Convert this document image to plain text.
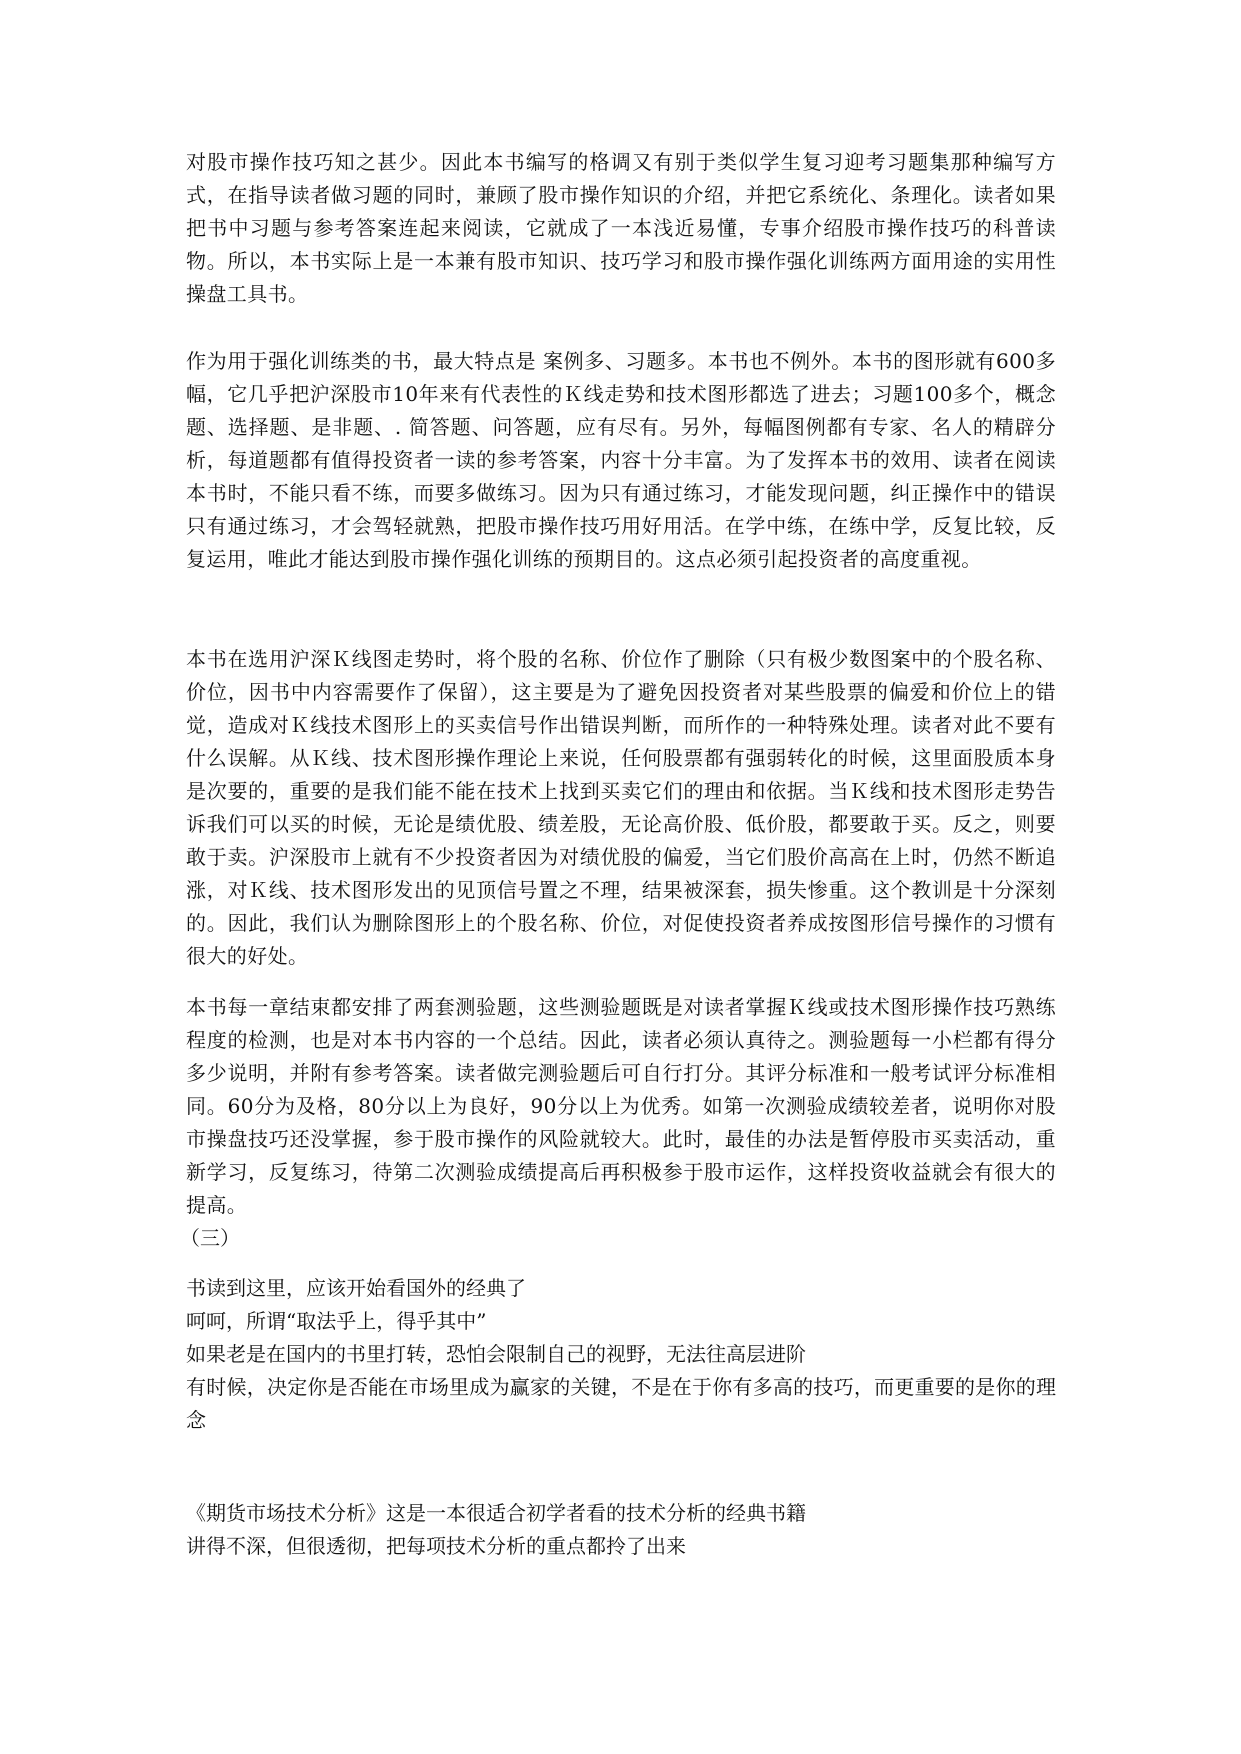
对股市操作技巧知之甚少。因此本书编写的格调又有别于类似学生复习迎考习题集那种编写方式，在指导读者做习题的同时，兼顾了股市操作知识的介绍，并把它系统化、条理化。读者如果把书中习题与参考答案连起来阅读，它就成了一本浅近易懂，专事介绍股市操作技巧的科普读物。所以，本书实际上是一本兼有股市知识、技巧学习和股市操作强化训练两方面用途的实用性操盘工具书。

作为用于强化训练类的书，最大特点是 案例多、习题多。本书也不例外。本书的图形就有600多幅，它几乎把沪深股市10年来有代表性的Ｋ线走势和技术图形都选了进去；习题100多个，概念题、选择题、是非题、. 简答题、问答题，应有尽有。另外，每幅图例都有专家、名人的精辟分析，每道题都有值得投资者一读的参考答案，内容十分丰富。为了发挥本书的效用、读者在阅读本书时，不能只看不练，而要多做练习。因为只有通过练习，才能发现问题，纠正操作中的错误 只有通过练习，才会驾轻就熟，把股市操作技巧用好用活。在学中练，在练中学，反复比较，反复运用，唯此才能达到股市操作强化训练的预期目的。这点必须引起投资者的高度重视。

本书在选用沪深Ｋ线图走势时，将个股的名称、价位作了删除（只有极少数图案中的个股名称、价位，因书中内容需要作了保留），这主要是为了避免因投资者对某些股票的偏爱和价位上的错觉，造成对Ｋ线技术图形上的买卖信号作出错误判断，而所作的一种特殊处理。读者对此不要有什么误解。从Ｋ线、技术图形操作理论上来说，任何股票都有强弱转化的时候，这里面股质本身是次要的，重要的是我们能不能在技术上找到买卖它们的理由和依据。当Ｋ线和技术图形走势告诉我们可以买的时候，无论是绩优股、绩差股，无论高价股、低价股，都要敢于买。反之，则要敢于卖。沪深股市上就有不少投资者因为对绩优股的偏爱，当它们股价高高在上时，仍然不断追涨，对Ｋ线、技术图形发出的见顶信号置之不理，结果被深套，损失惨重。这个教训是十分深刻的。因此，我们认为删除图形上的个股名称、价位，对促使投资者养成按图形信号操作的习惯有很大的好处。

本书每一章结束都安排了两套测验题，这些测验题既是对读者掌握Ｋ线或技术图形操作技巧熟练程度的检测，也是对本书内容的一个总结。因此，读者必须认真待之。测验题每一小栏都有得分多少说明，并附有参考答案。读者做完测验题后可自行打分。其评分标准和一般考试评分标准相同。60分为及格，80分以上为良好，90分以上为优秀。如第一次测验成绩较差者，说明你对股市操盘技巧还没掌握，参于股市操作的风险就较大。此时，最佳的办法是暂停股市买卖活动，重新学习，反复练习，待第二次测验成绩提高后再积极参于股市运作，这样投资收益就会有很大的提高。

（三）
书读到这里，应该开始看国外的经典了
呵呵，所谓“取法乎上，得乎其中”
如果老是在国内的书里打转，恐怕会限制自己的视野，无法往高层进阶
有时候，决定你是否能在市场里成为赢家的关键，不是在于你有多高的技巧，而更重要的是你的理念
《期货市场技术分析》这是一本很适合初学者看的技术分析的经典书籍
讲得不深，但很透彻，把每项技术分析的重点都拎了出来
